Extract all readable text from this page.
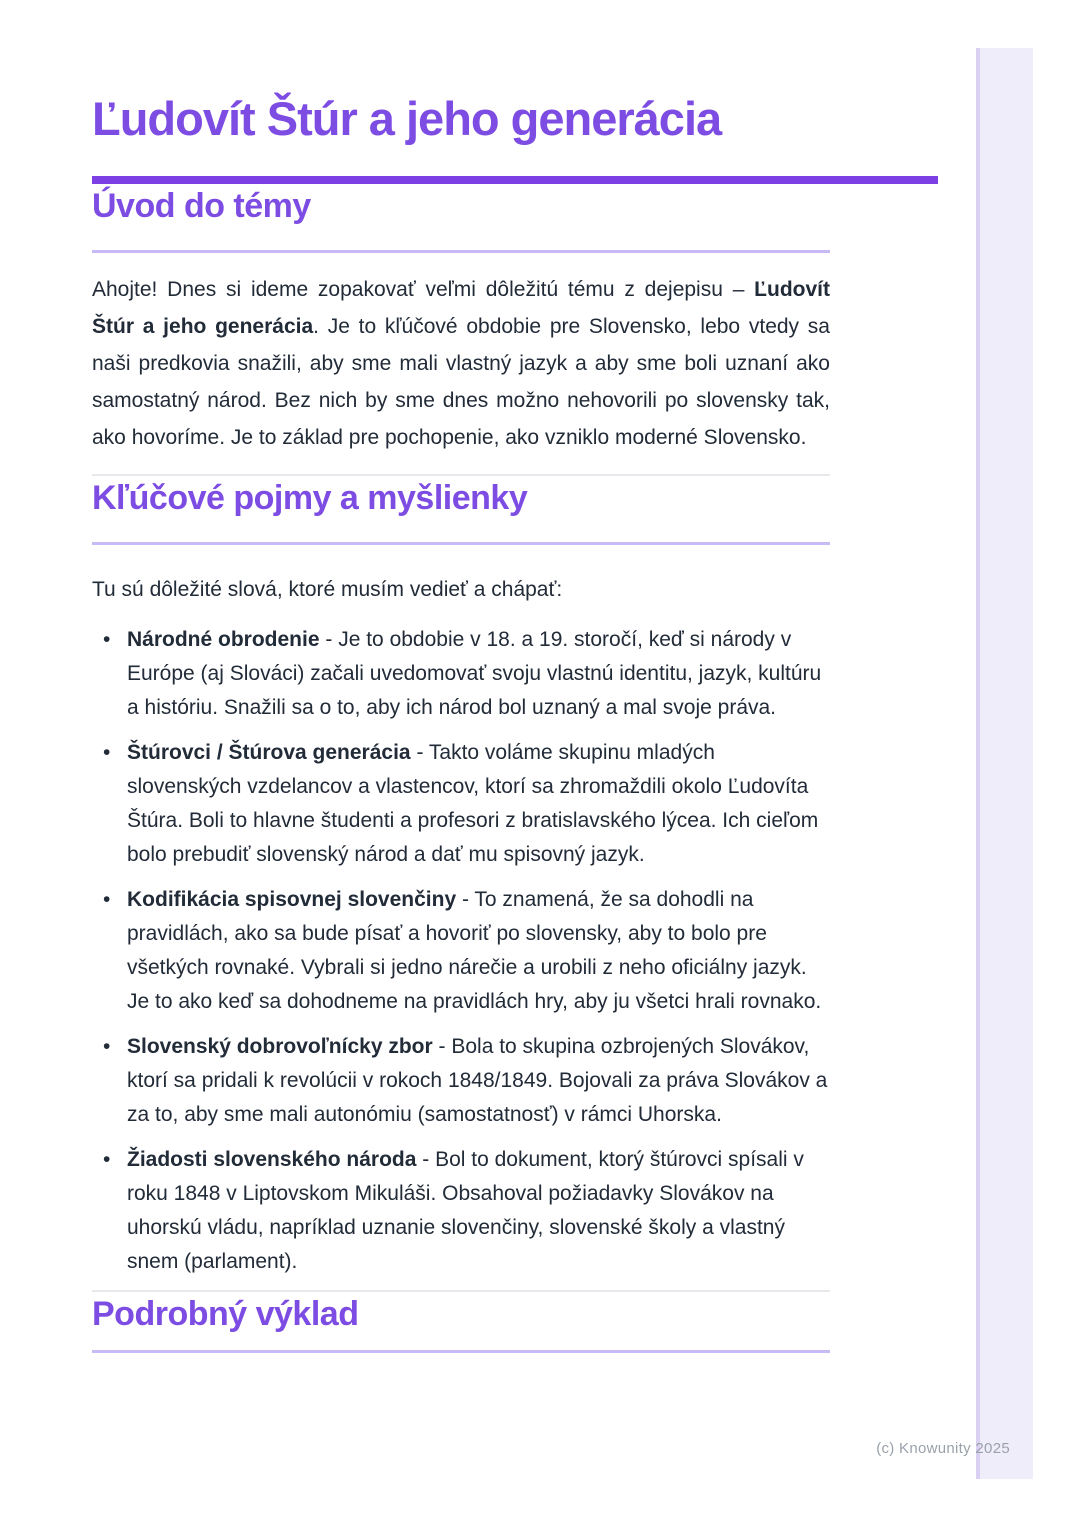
Ľudovít Štúr a jeho generácia
Úvod do témy

Ahojte! Dnes si ideme zopakovať veľmi dôležitú tému z dejepisu – Ľudovít Štúr a jeho generácia. Je to kľúčové obdobie pre Slovensko, lebo vtedy sa naši predkovia snažili, aby sme mali vlastný jazyk a aby sme boli uznaní ako samostatný národ. Bez nich by sme dnes možno nehovorili po slovensky tak, ako hovoríme. Je to základ pre pochopenie, ako vzniklo moderné Slovensko.

Kľúčové pojmy a myšlienky

Tu sú dôležité slová, ktoré musím vedieť a chápať:

• Národné obrodenie - Je to obdobie v 18. a 19. storočí, keď si národy v Európe (aj Slováci) začali uvedomovať svoju vlastnú identitu, jazyk, kultúru a históriu. Snažili sa o to, aby ich národ bol uznaný a mal svoje práva.
• Štúrovci / Štúrova generácia - Takto voláme skupinu mladých slovenských vzdelancov a vlastencov, ktorí sa zhromaždili okolo Ľudovíta Štúra. Boli to hlavne študenti a profesori z bratislavského lýcea. Ich cieľom bolo prebudiť slovenský národ a dať mu spisovný jazyk.
• Kodifikácia spisovnej slovenčiny - To znamená, že sa dohodli na pravidlách, ako sa bude písať a hovoriť po slovensky, aby to bolo pre všetkých rovnaké. Vybrali si jedno nárečie a urobili z neho oficiálny jazyk. Je to ako keď sa dohodneme na pravidlách hry, aby ju všetci hrali rovnako.
• Slovenský dobrovoľnícky zbor - Bola to skupina ozbrojených Slovákov, ktorí sa pridali k revolúcii v rokoch 1848/1849. Bojovali za práva Slovákov a za to, aby sme mali autonómiu (samostatnosť) v rámci Uhorska.
• Žiadosti slovenského národa - Bol to dokument, ktorý štúrovci spísali v roku 1848 v Liptovskom Mikuláši. Obsahoval požiadavky Slovákov na uhorskú vládu, napríklad uznanie slovenčiny, slovenské školy a vlastný snem (parlament).
Podrobný výklad
(c) Knowunity 2025
